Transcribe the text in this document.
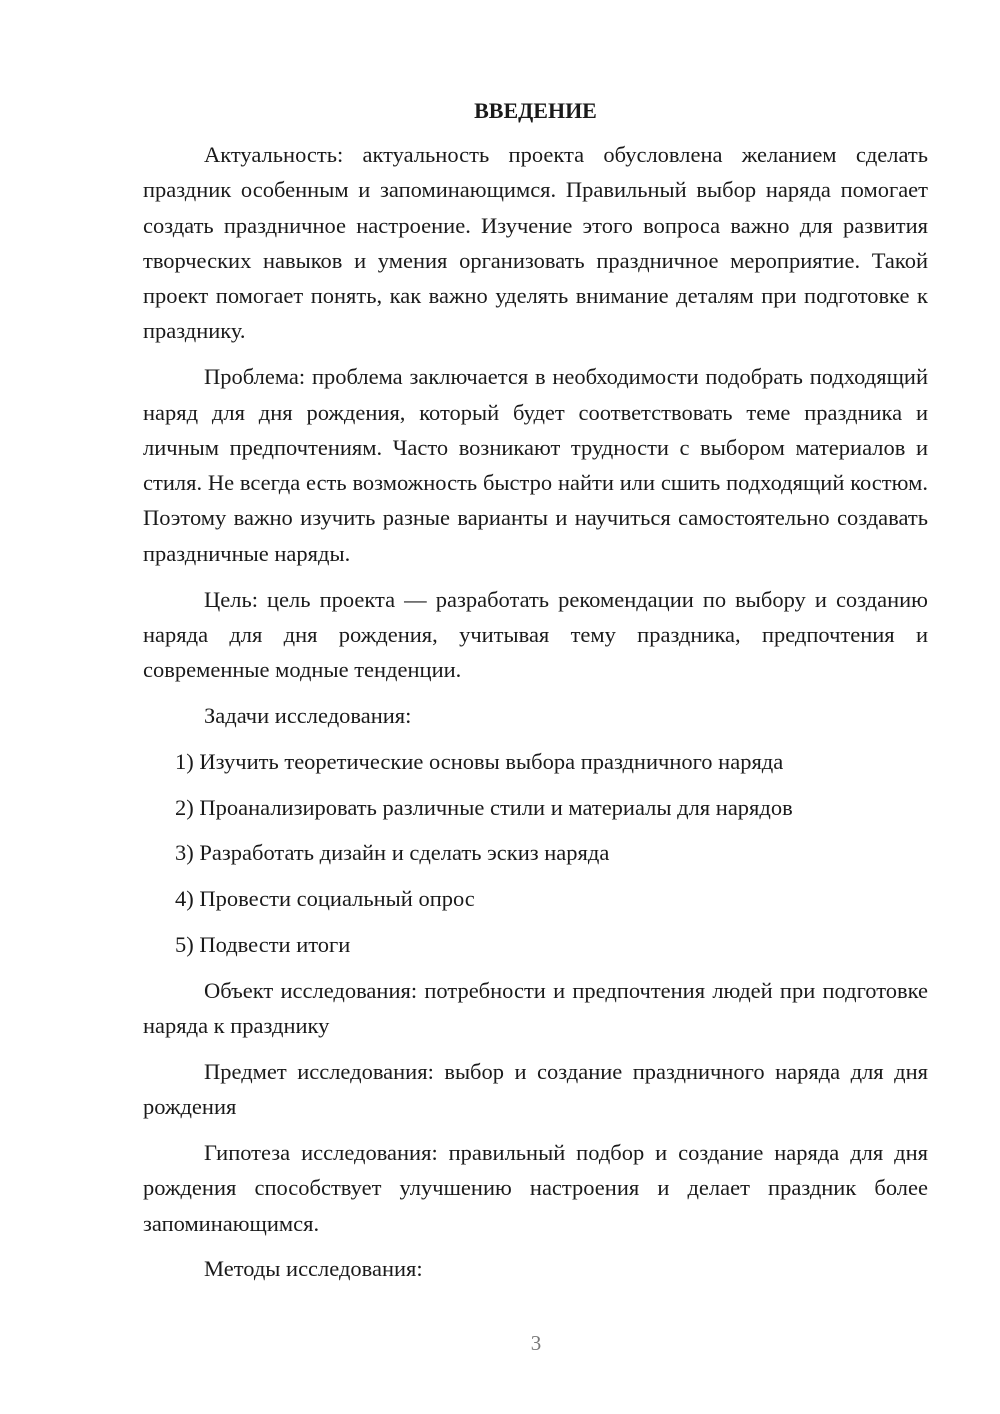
ВВЕДЕНИЕ

Актуальность: актуальность проекта обусловлена желанием сделать праздник особенным и запоминающимся. Правильный выбор наряда помогает создать праздничное настроение. Изучение этого вопроса важно для развития творческих навыков и умения организовать праздничное мероприятие. Такой проект помогает понять, как важно уделять внимание деталям при подготовке к празднику.

Проблема: проблема заключается в необходимости подобрать подходящий наряд для дня рождения, который будет соответствовать теме праздника и личным предпочтениям. Часто возникают трудности с выбором материалов и стиля. Не всегда есть возможность быстро найти или сшить подходящий костюм. Поэтому важно изучить разные варианты и научиться самостоятельно создавать праздничные наряды.

Цель: цель проекта — разработать рекомендации по выбору и созданию наряда для дня рождения, учитывая тему праздника, предпочтения и современные модные тенденции.

Задачи исследования:

1) Изучить теоретические основы выбора праздничного наряда
2) Проанализировать различные стили и материалы для нарядов
3) Разработать дизайн и сделать эскиз наряда
4) Провести социальный опрос
5) Подвести итоги

Объект исследования: потребности и предпочтения людей при подготовке наряда к празднику

Предмет исследования: выбор и создание праздничного наряда для дня рождения

Гипотеза исследования: правильный подбор и создание наряда для дня рождения способствует улучшению настроения и делает праздник более запоминающимся.

Методы исследования:

3
